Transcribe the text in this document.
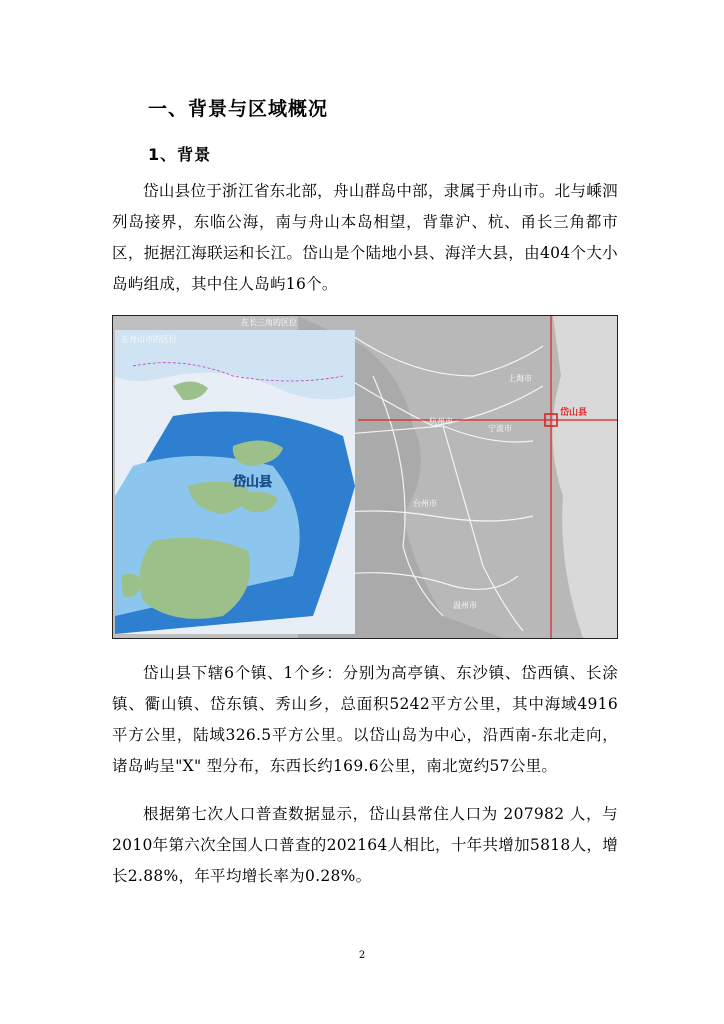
一、背景与区域概况
1、背景
岱山县位于浙江省东北部，舟山群岛中部，隶属于舟山市。北与嵊泗列岛接界，东临公海，南与舟山本岛相望，背靠沪、杭、甬长三角都市区，扼据江海联运和长江。岱山是个陆地小县、海洋大县，由404个大小岛屿组成，其中住人岛屿16个。
岱山县
杭州市
宁波市
台州市
温州市
上海市
在长三角的区位
在舟山市的区位
岱山县
岱山县下辖6个镇、1个乡：分别为高亭镇、东沙镇、岱西镇、长涂镇、衢山镇、岱东镇、秀山乡，总面积5242平方公里，其中海域4916平方公里，陆域326.5平方公里。以岱山岛为中心，沿西南-东北走向，诸岛屿呈"X" 型分布，东西长约169.6公里，南北宽约57公里。
根据第七次人口普查数据显示，岱山县常住人口为 207982 人，与2010年第六次全国人口普查的202164人相比，十年共增加5818人，增长2.88%，年平均增长率为0.28%。
2
